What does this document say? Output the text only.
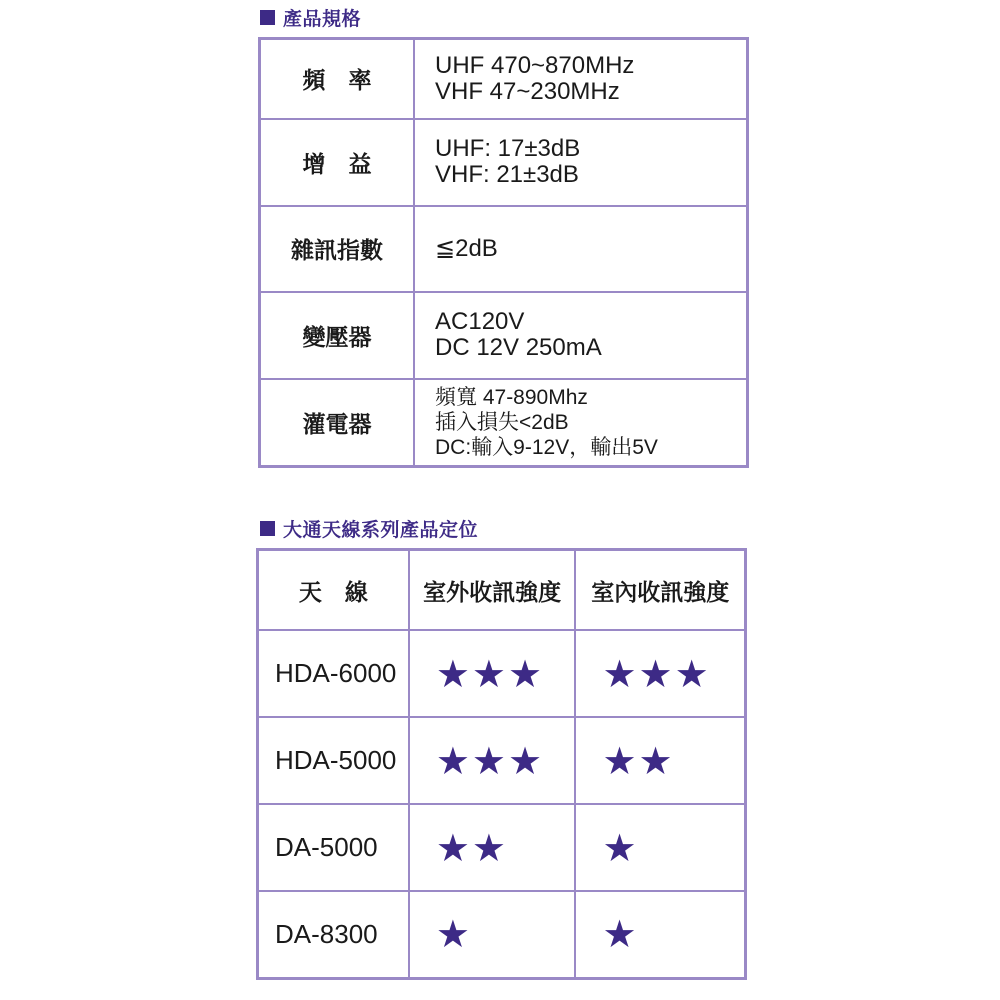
產品規格
頻　率	UHF 470~870MHz
VHF 47~230MHz

增　益	UHF: 17±3dB
VHF: 21±3dB

雜訊指數	≦2dB

變壓器	AC120V
DC 12V 250mA

灌電器	頻寬 47-890Mhz
插入損失<2dB
DC:輸入9-12V，輸出5V
大通天線系列產品定位
天　線	室外收訊強度	室內收訊強度
HDA-6000	★★★	★★★
HDA-5000	★★★	★★
DA-5000	★★	★
DA-8300	★	★
